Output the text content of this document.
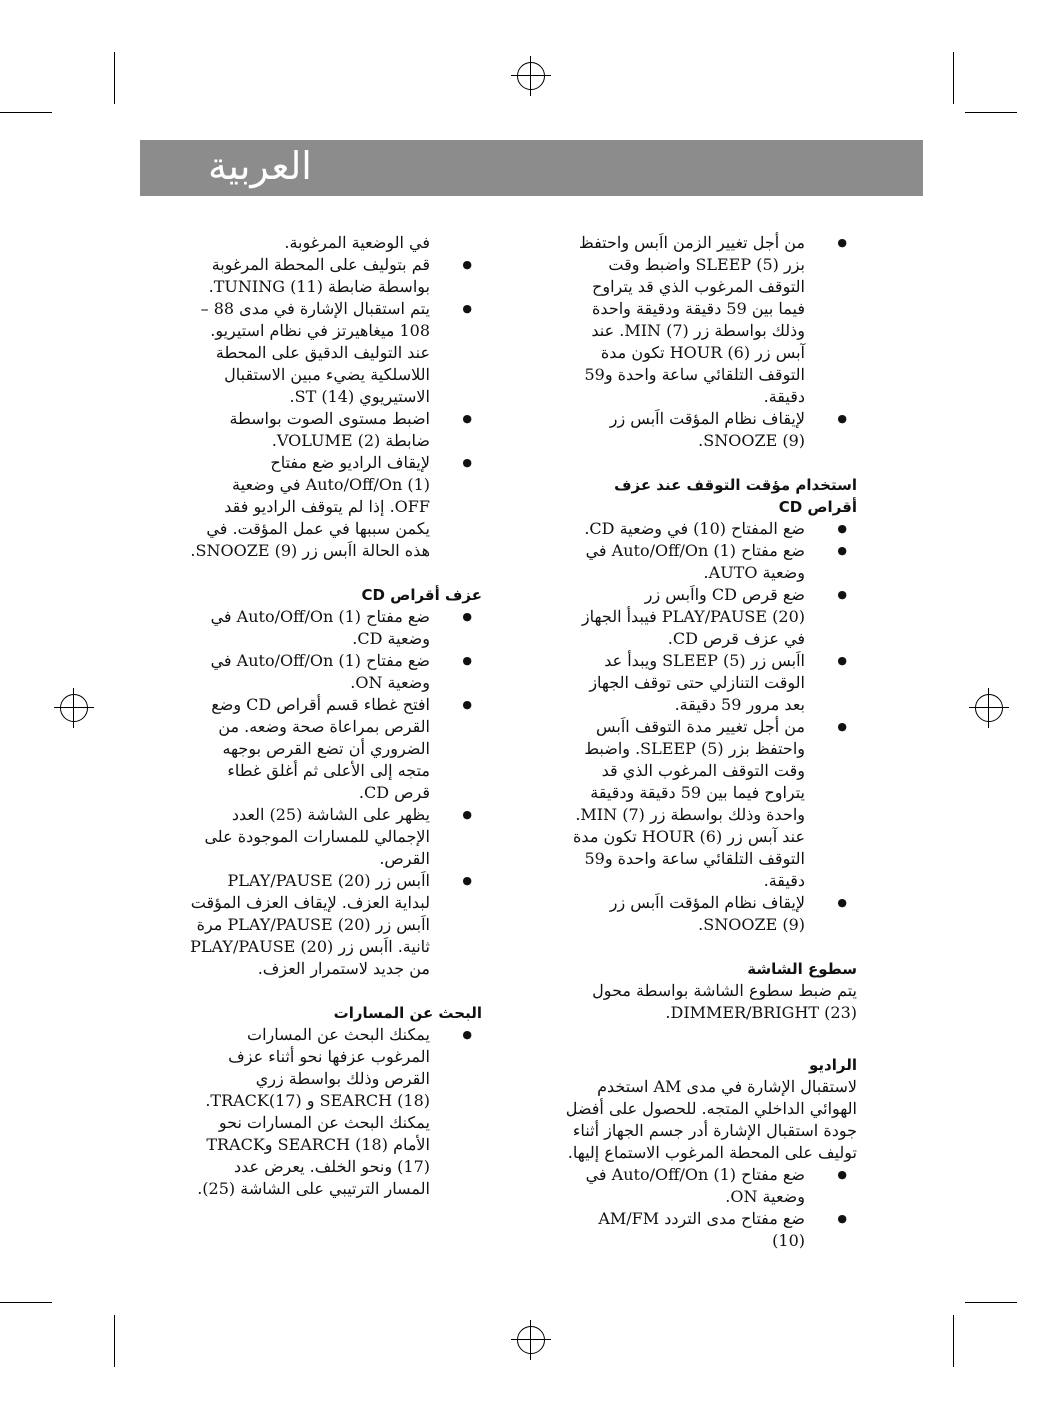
العربية
● من أجل تغيير الزمن ااَبس واحتفظ بزر SLEEP (5) واضبط وقت التوقف المرغوب الذي قد يتراوح فيما بين 59 دقيقة ودقيقة واحدة وذلك بواسطة زر MIN (7). عند آبس زر HOUR (6) تكون مدة التوقف التلقائي ساعة واحدة و59 دقيقة.
● لإيقاف نظام المؤقت ااَبس زر SNOOZE (9).

استخدام مؤقت التوقف عند عزف أقراص CD

● ضع المفتاح (10) في وضعية CD.
● ضع مفتاح Auto/Off/On (1) في وضعية AUTO.
● ضع قرص CD وااَبس زر PLAY/PAUSE (20) فيبدأ الجهاز في عزف قرص CD.
● ااَبس زر SLEEP (5) ويبدأ عد الوقت التنازلي حتى توقف الجهاز بعد مرور 59 دقيقة.
● من أجل تغيير مدة التوقف ااَبس واحتفظ بزر SLEEP (5). واضبط وقت التوقف المرغوب الذي قد يتراوح فيما بين 59 دقيقة ودقيقة واحدة وذلك بواسطة زر MIN (7). عند آبس زر HOUR (6) تكون مدة التوقف التلقائي ساعة واحدة و59 دقيقة.
● لإيقاف نظام المؤقت ااَبس زر SNOOZE (9).

سطوع الشاشة

يتم ضبط سطوع الشاشة بواسطة محول DIMMER/BRIGHT (23).

الراديو

لاستقبال الإشارة في مدى AM استخدم الهوائي الداخلي المتجه. للحصول على أفضل جودة استقبال الإشارة أدر جسم الجهاز أثناء توليف على المحطة المرغوب الاستماع إليها.

● ضع مفتاح Auto/Off/On (1) في وضعية ON.
● ضع مفتاح مدى التردد AM/FM (10)

في الوضعية المرغوبة.

● قم بتوليف على المحطة المرغوبة بواسطة ضابطة TUNING (11).
● يتم استقبال الإشارة في مدى 88 – 108 ميغاهيرتز في نظام استيريو. عند التوليف الدقيق على المحطة اللاسلكية يضيء مبين الاستقبال الاستيريوي ST (14).
● اضبط مستوى الصوت بواسطة ضابطة VOLUME (2).
● لإيقاف الراديو ضع مفتاح Auto/Off/On (1) في وضعية OFF. إذا لم يتوقف الراديو فقد يكمن سببها في عمل المؤقت. في هذه الحالة ااَبس زر SNOOZE (9).

عزف أقراص CD

● ضع مفتاح Auto/Off/On (1) في وضعية CD.
● ضع مفتاح Auto/Off/On (1) في وضعية ON.
● افتح غطاء قسم أقراص CD وضع القرص بمراعاة صحة وضعه. من الضروري أن تضع القرص بوجهه متجه إلى الأعلى ثم أغلق غطاء قرص CD.
● يظهر على الشاشة (25) العدد الإجمالي للمسارات الموجودة على القرص.
● ااَبس زر PLAY/PAUSE (20) لبداية العزف. لإيقاف العزف المؤقت ااَبس زر PLAY/PAUSE (20) مرة ثانية. ااَبس زر PLAY/PAUSE (20) من جديد لاستمرار العزف.

البحث عن المسارات

● يمكنك البحث عن المسارات المرغوب عزفها نحو أثناء عزف القرص وذلك بواسطة زري SEARCH (18) و TRACK(17). يمكنك البحث عن المسارات نحو الأمام SEARCH (18) وTRACK (17) ونحو الخلف. يعرض عدد المسار الترتيبي على الشاشة (25).
